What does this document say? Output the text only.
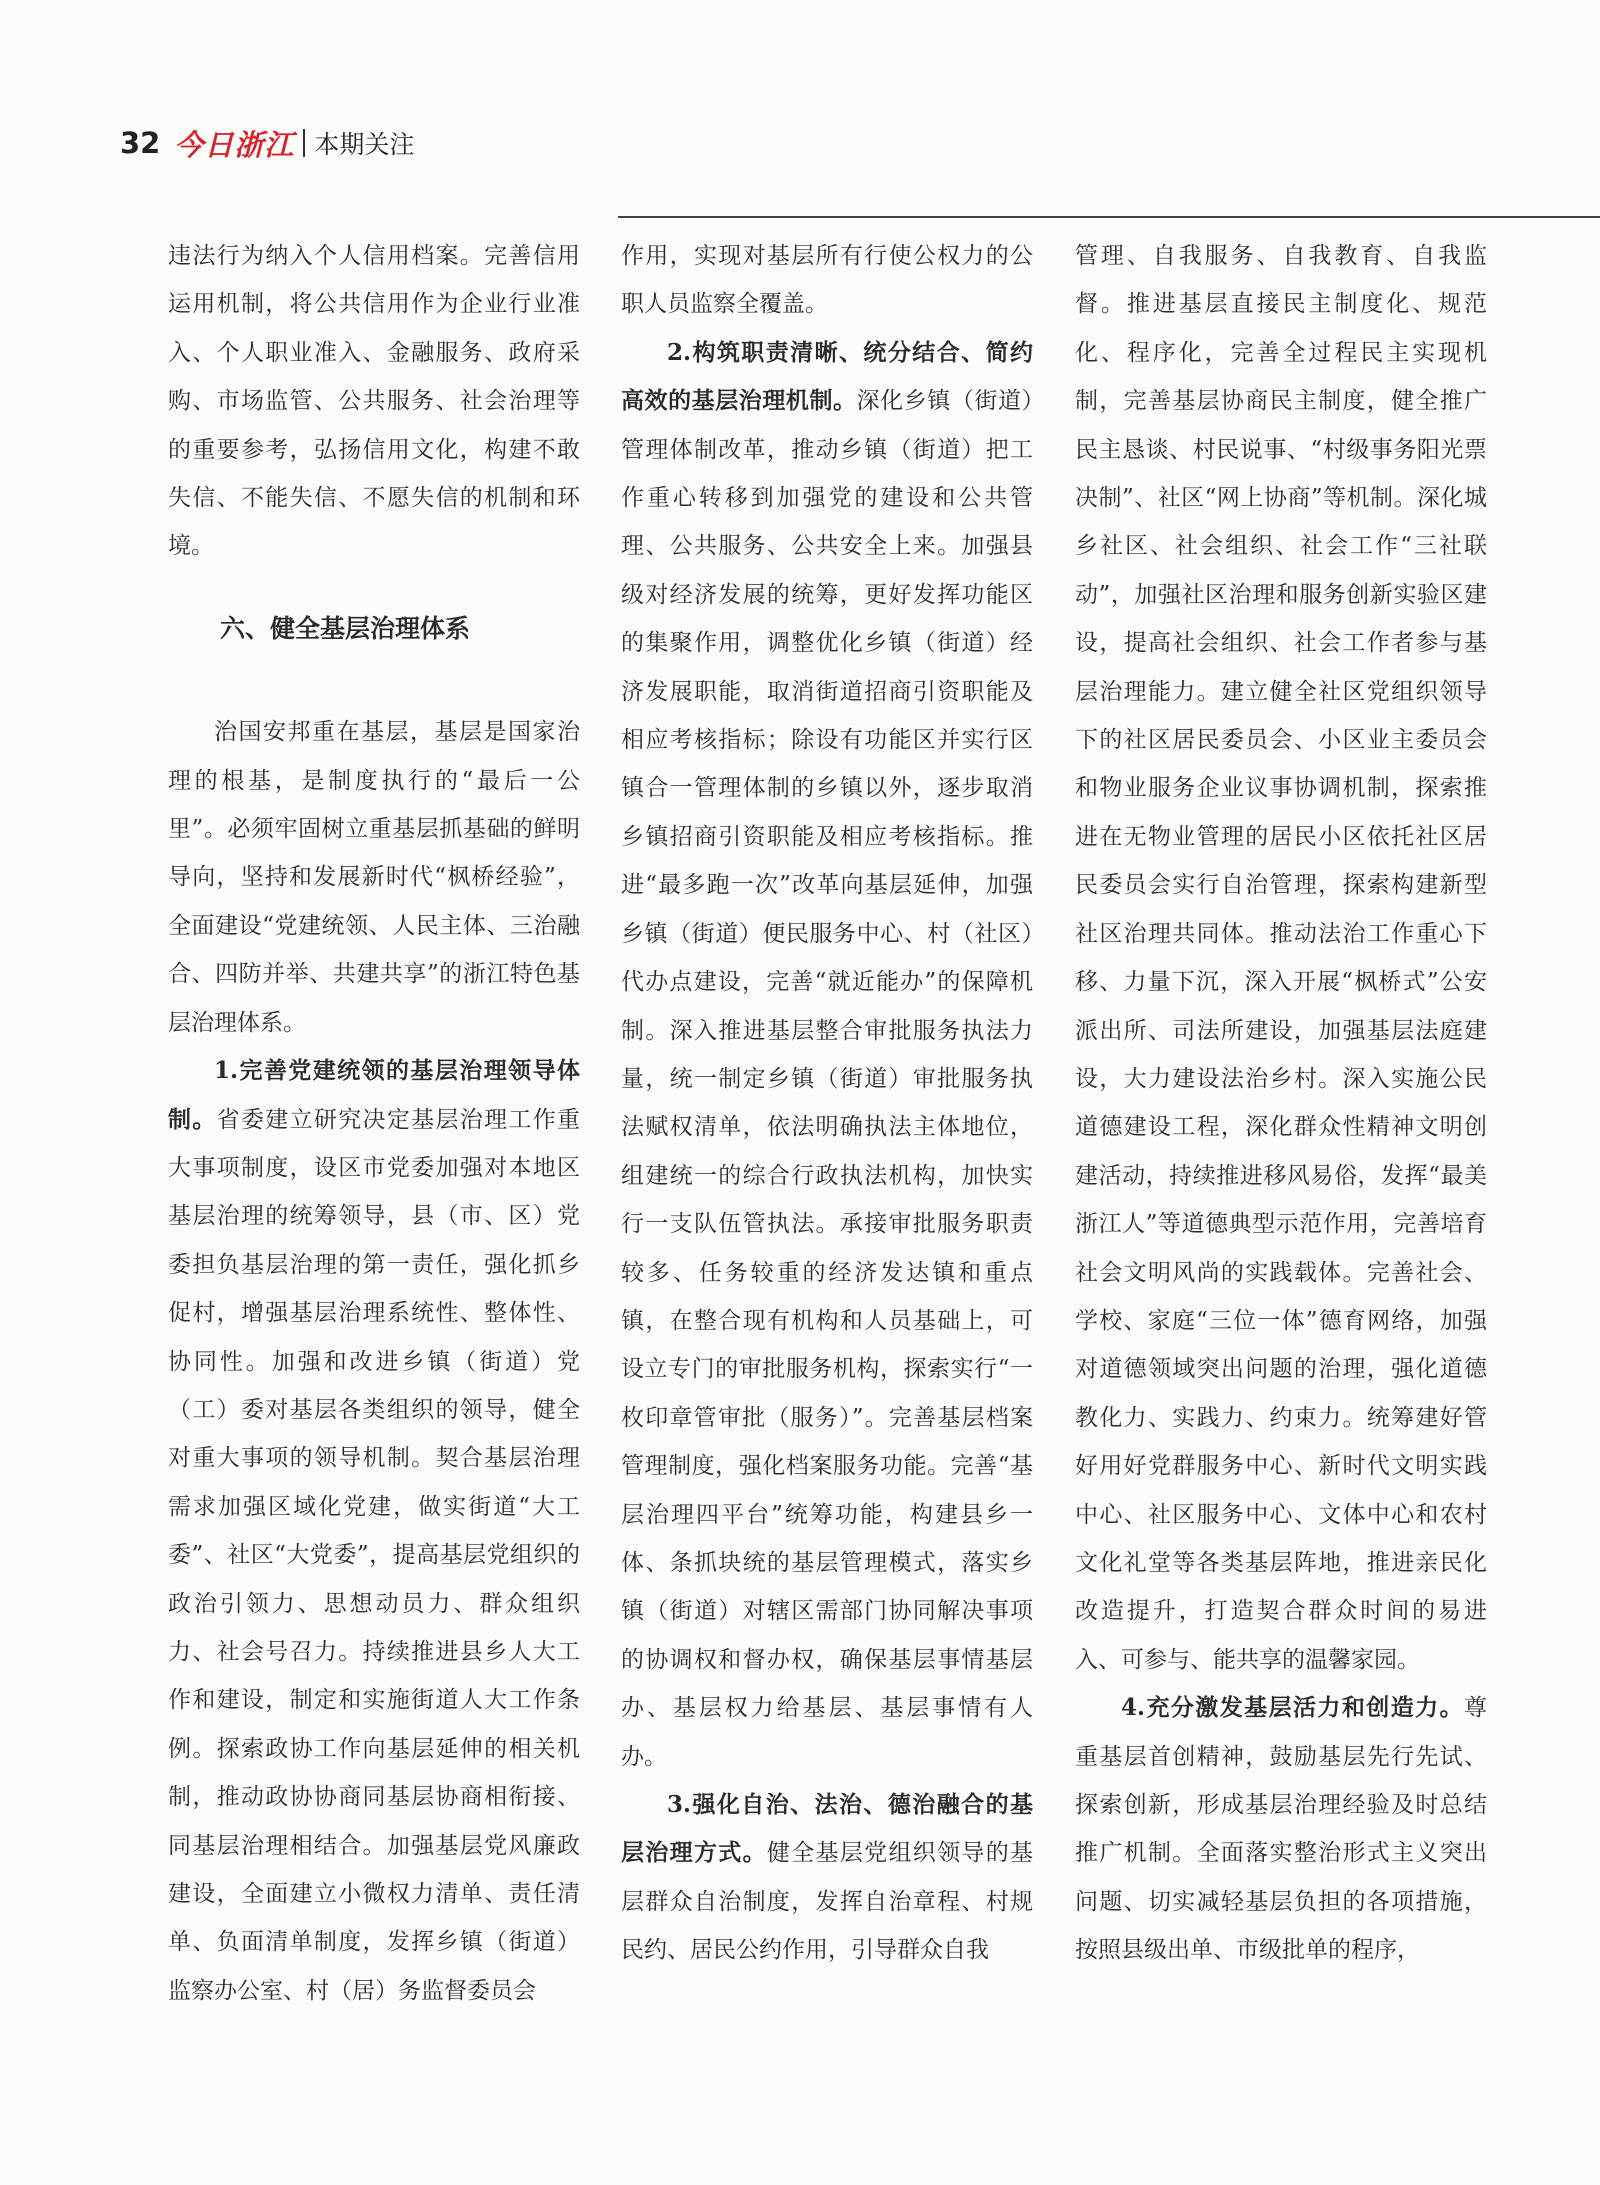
32 今日浙江 本期关注

违法行为纳入个人信用档案。完善信用运用机制，将公共信用作为企业行业准入、个人职业准入、金融服务、政府采购、市场监管、公共服务、社会治理等的重要参考，弘扬信用文化，构建不敢失信、不能失信、不愿失信的机制和环境。

六、健全基层治理体系

治国安邦重在基层，基层是国家治理的根基，是制度执行的“最后一公里”。必须牢固树立重基层抓基础的鲜明导向，坚持和发展新时代“枫桥经验”，全面建设“党建统领、人民主体、三治融合、四防并举、共建共享”的浙江特色基层治理体系。

1.完善党建统领的基层治理领导体制。省委建立研究决定基层治理工作重大事项制度，设区市党委加强对本地区基层治理的统筹领导，县（市、区）党委担负基层治理的第一责任，强化抓乡促村，增强基层治理系统性、整体性、协同性。加强和改进乡镇（街道）党（工）委对基层各类组织的领导，健全对重大事项的领导机制。契合基层治理需求加强区域化党建，做实街道“大工委”、社区“大党委”，提高基层党组织的政治引领力、思想动员力、群众组织力、社会号召力。持续推进县乡人大工作和建设，制定和实施街道人大工作条例。探索政协工作向基层延伸的相关机制，推动政协协商同基层协商相衔接、同基层治理相结合。加强基层党风廉政建设，全面建立小微权力清单、责任清单、负面清单制度，发挥乡镇（街道）监察办公室、村（居）务监督委员会

作用，实现对基层所有行使公权力的公职人员监察全覆盖。

2.构筑职责清晰、统分结合、简约高效的基层治理机制。深化乡镇（街道）管理体制改革，推动乡镇（街道）把工作重心转移到加强党的建设和公共管理、公共服务、公共安全上来。加强县级对经济发展的统筹，更好发挥功能区的集聚作用，调整优化乡镇（街道）经济发展职能，取消街道招商引资职能及相应考核指标；除设有功能区并实行区镇合一管理体制的乡镇以外，逐步取消乡镇招商引资职能及相应考核指标。推进“最多跑一次”改革向基层延伸，加强乡镇（街道）便民服务中心、村（社区）代办点建设，完善“就近能办”的保障机制。深入推进基层整合审批服务执法力量，统一制定乡镇（街道）审批服务执法赋权清单，依法明确执法主体地位，组建统一的综合行政执法机构，加快实行一支队伍管执法。承接审批服务职责较多、任务较重的经济发达镇和重点镇，在整合现有机构和人员基础上，可设立专门的审批服务机构，探索实行“一枚印章管审批（服务）”。完善基层档案管理制度，强化档案服务功能。完善“基层治理四平台”统筹功能，构建县乡一体、条抓块统的基层管理模式，落实乡镇（街道）对辖区需部门协同解决事项的协调权和督办权，确保基层事情基层办、基层权力给基层、基层事情有人办。

3.强化自治、法治、德治融合的基层治理方式。健全基层党组织领导的基层群众自治制度，发挥自治章程、村规民约、居民公约作用，引导群众自我

管理、自我服务、自我教育、自我监督。推进基层直接民主制度化、规范化、程序化，完善全过程民主实现机制，完善基层协商民主制度，健全推广民主恳谈、村民说事、“村级事务阳光票决制”、社区“网上协商”等机制。深化城乡社区、社会组织、社会工作“三社联动”，加强社区治理和服务创新实验区建设，提高社会组织、社会工作者参与基层治理能力。建立健全社区党组织领导下的社区居民委员会、小区业主委员会和物业服务企业议事协调机制，探索推进在无物业管理的居民小区依托社区居民委员会实行自治管理，探索构建新型社区治理共同体。推动法治工作重心下移、力量下沉，深入开展“枫桥式”公安派出所、司法所建设，加强基层法庭建设，大力建设法治乡村。深入实施公民道德建设工程，深化群众性精神文明创建活动，持续推进移风易俗，发挥“最美浙江人”等道德典型示范作用，完善培育社会文明风尚的实践载体。完善社会、学校、家庭“三位一体”德育网络，加强对道德领域突出问题的治理，强化道德教化力、实践力、约束力。统筹建好管好用好党群服务中心、新时代文明实践中心、社区服务中心、文体中心和农村文化礼堂等各类基层阵地，推进亲民化改造提升，打造契合群众时间的易进入、可参与、能共享的温馨家园。

4.充分激发基层活力和创造力。尊重基层首创精神，鼓励基层先行先试、探索创新，形成基层治理经验及时总结推广机制。全面落实整治形式主义突出问题、切实减轻基层负担的各项措施，按照县级出单、市级批单的程序，
